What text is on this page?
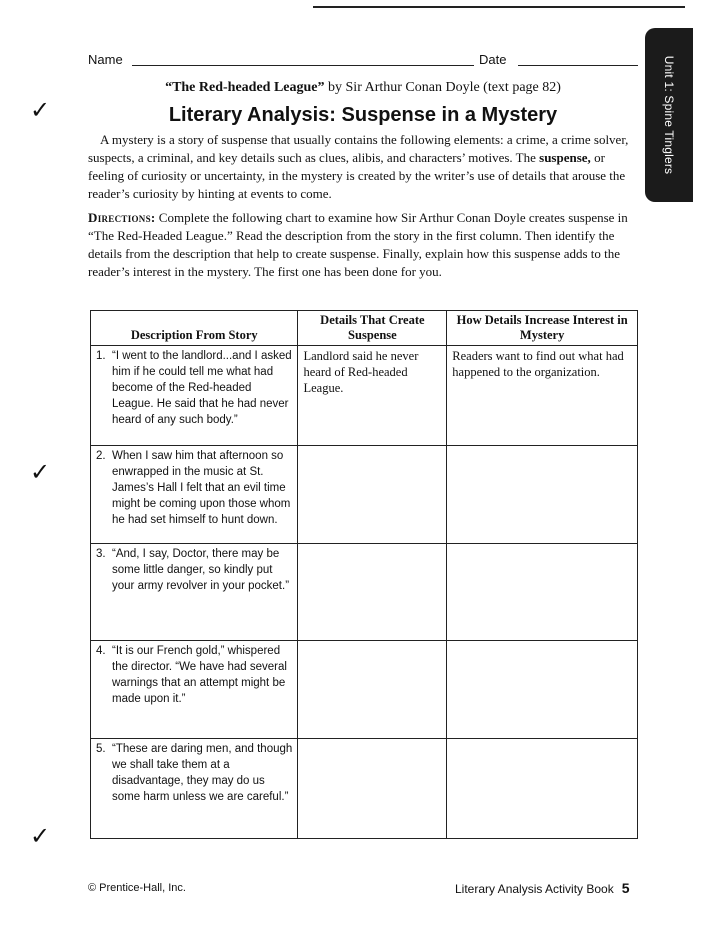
Unit 1: Spine Tinglers
Name	Date
“The Red-headed League” by Sir Arthur Conan Doyle (text page 82)
Literary Analysis: Suspense in a Mystery
✓
✓
✓
A mystery is a story of suspense that usually contains the following elements: a crime, a crime solver, suspects, a criminal, and key details such as clues, alibis, and characters’ motives. The suspense, or feeling of curiosity or uncertainty, in the mystery is created by the writer’s use of details that arouse the reader’s curiosity by hinting at events to come.
Directions: Complete the following chart to examine how Sir Arthur Conan Doyle creates suspense in “The Red-Headed League.” Read the description from the story in the first column. Then identify the details from the description that help to create suspense. Finally, explain how this suspense adds to the reader’s interest in the mystery. The first one has been done for you.
Description From Story	Details That Create Suspense	How Details Increase Interest in Mystery

1. “I went to the landlord...and I asked him if he could tell me what had become of the Red-headed League. He said that he had never heard of any such body.”	Landlord said he never heard of Red-headed League.	Readers want to find out what had happened to the organization.

2. When I saw him that afternoon so enwrapped in the music at St. James’s Hall I felt that an evil time might be coming upon those whom he had set himself to hunt down.		

3. “And, I say, Doctor, there may be some little danger, so kindly put your army revolver in your pocket.”		

4. “It is our French gold,” whispered the director. “We have had several warnings that an attempt might be made upon it.”		

5. “These are daring men, and though we shall take them at a disadvantage, they may do us some harm unless we are careful.”		

© Prentice-Hall, Inc.	Literary Analysis Activity Book 5
